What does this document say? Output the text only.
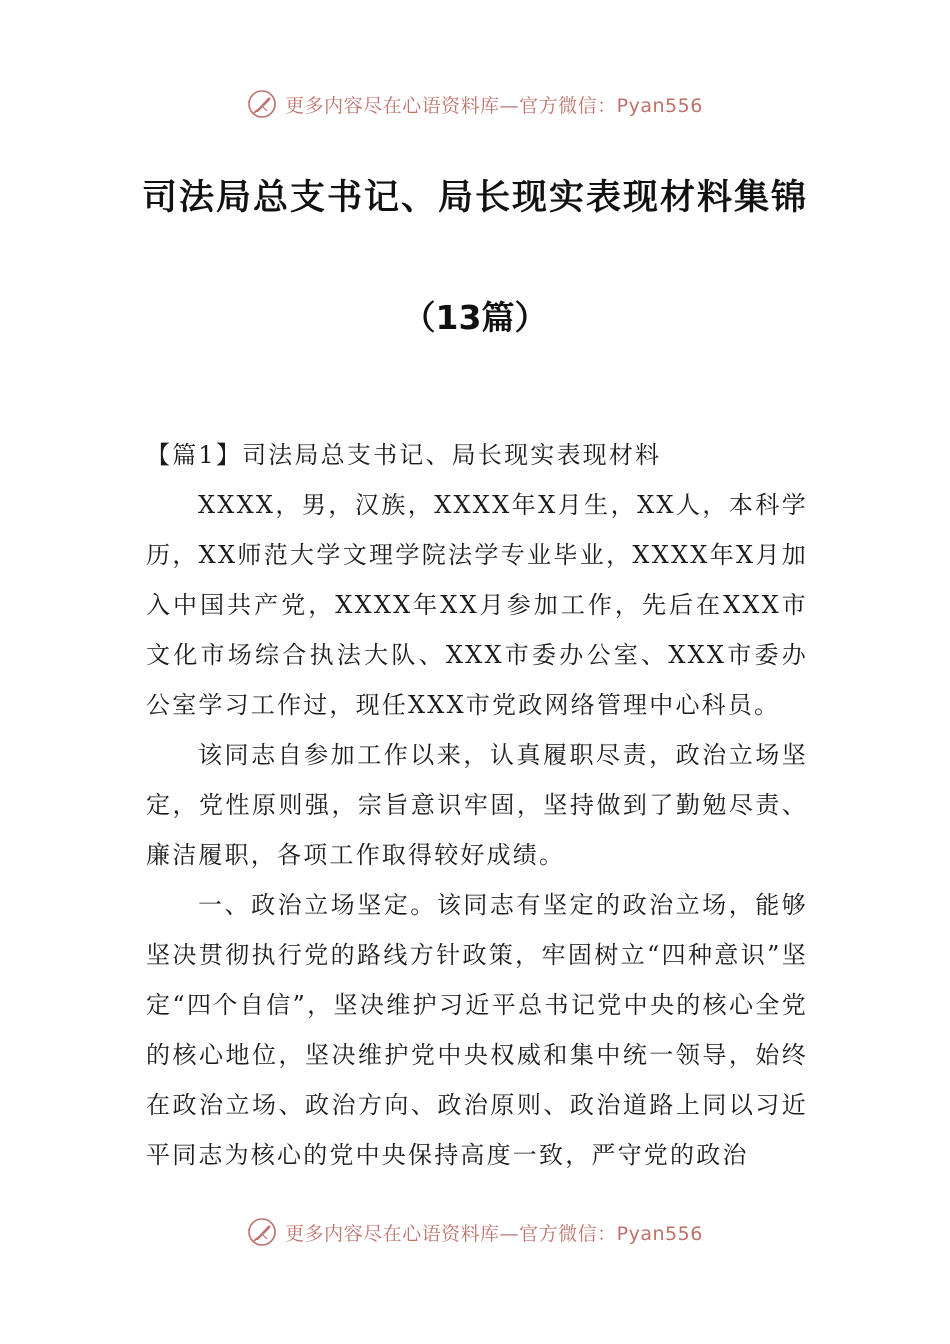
更多内容尽在心语资料库—官方微信：Pyan556
司法局总支书记、局长现实表现材料集锦
（13篇）

【篇1】司法局总支书记、局长现实表现材料

XXXX，男，汉族，XXXX年X月生，XX人，本科学历，XX师范大学文理学院法学专业毕业，XXXX年X月加入中国共产党，XXXX年XX月参加工作，先后在XXX市文化市场综合执法大队、XXX市委办公室、XXX市委办公室学习工作过，现任XXX市党政网络管理中心科员。

该同志自参加工作以来，认真履职尽责，政治立场坚定，党性原则强，宗旨意识牢固，坚持做到了勤勉尽责、廉洁履职，各项工作取得较好成绩。

一、政治立场坚定。该同志有坚定的政治立场，能够坚决贯彻执行党的路线方针政策，牢固树立“四种意识”坚定“四个自信”，坚决维护习近平总书记党中央的核心全党的核心地位，坚决维护党中央权威和集中统一领导，始终在政治立场、政治方向、政治原则、政治道路上同以习近平同志为核心的党中央保持高度一致，严守党的政治

更多内容尽在心语资料库—官方微信：Pyan556
